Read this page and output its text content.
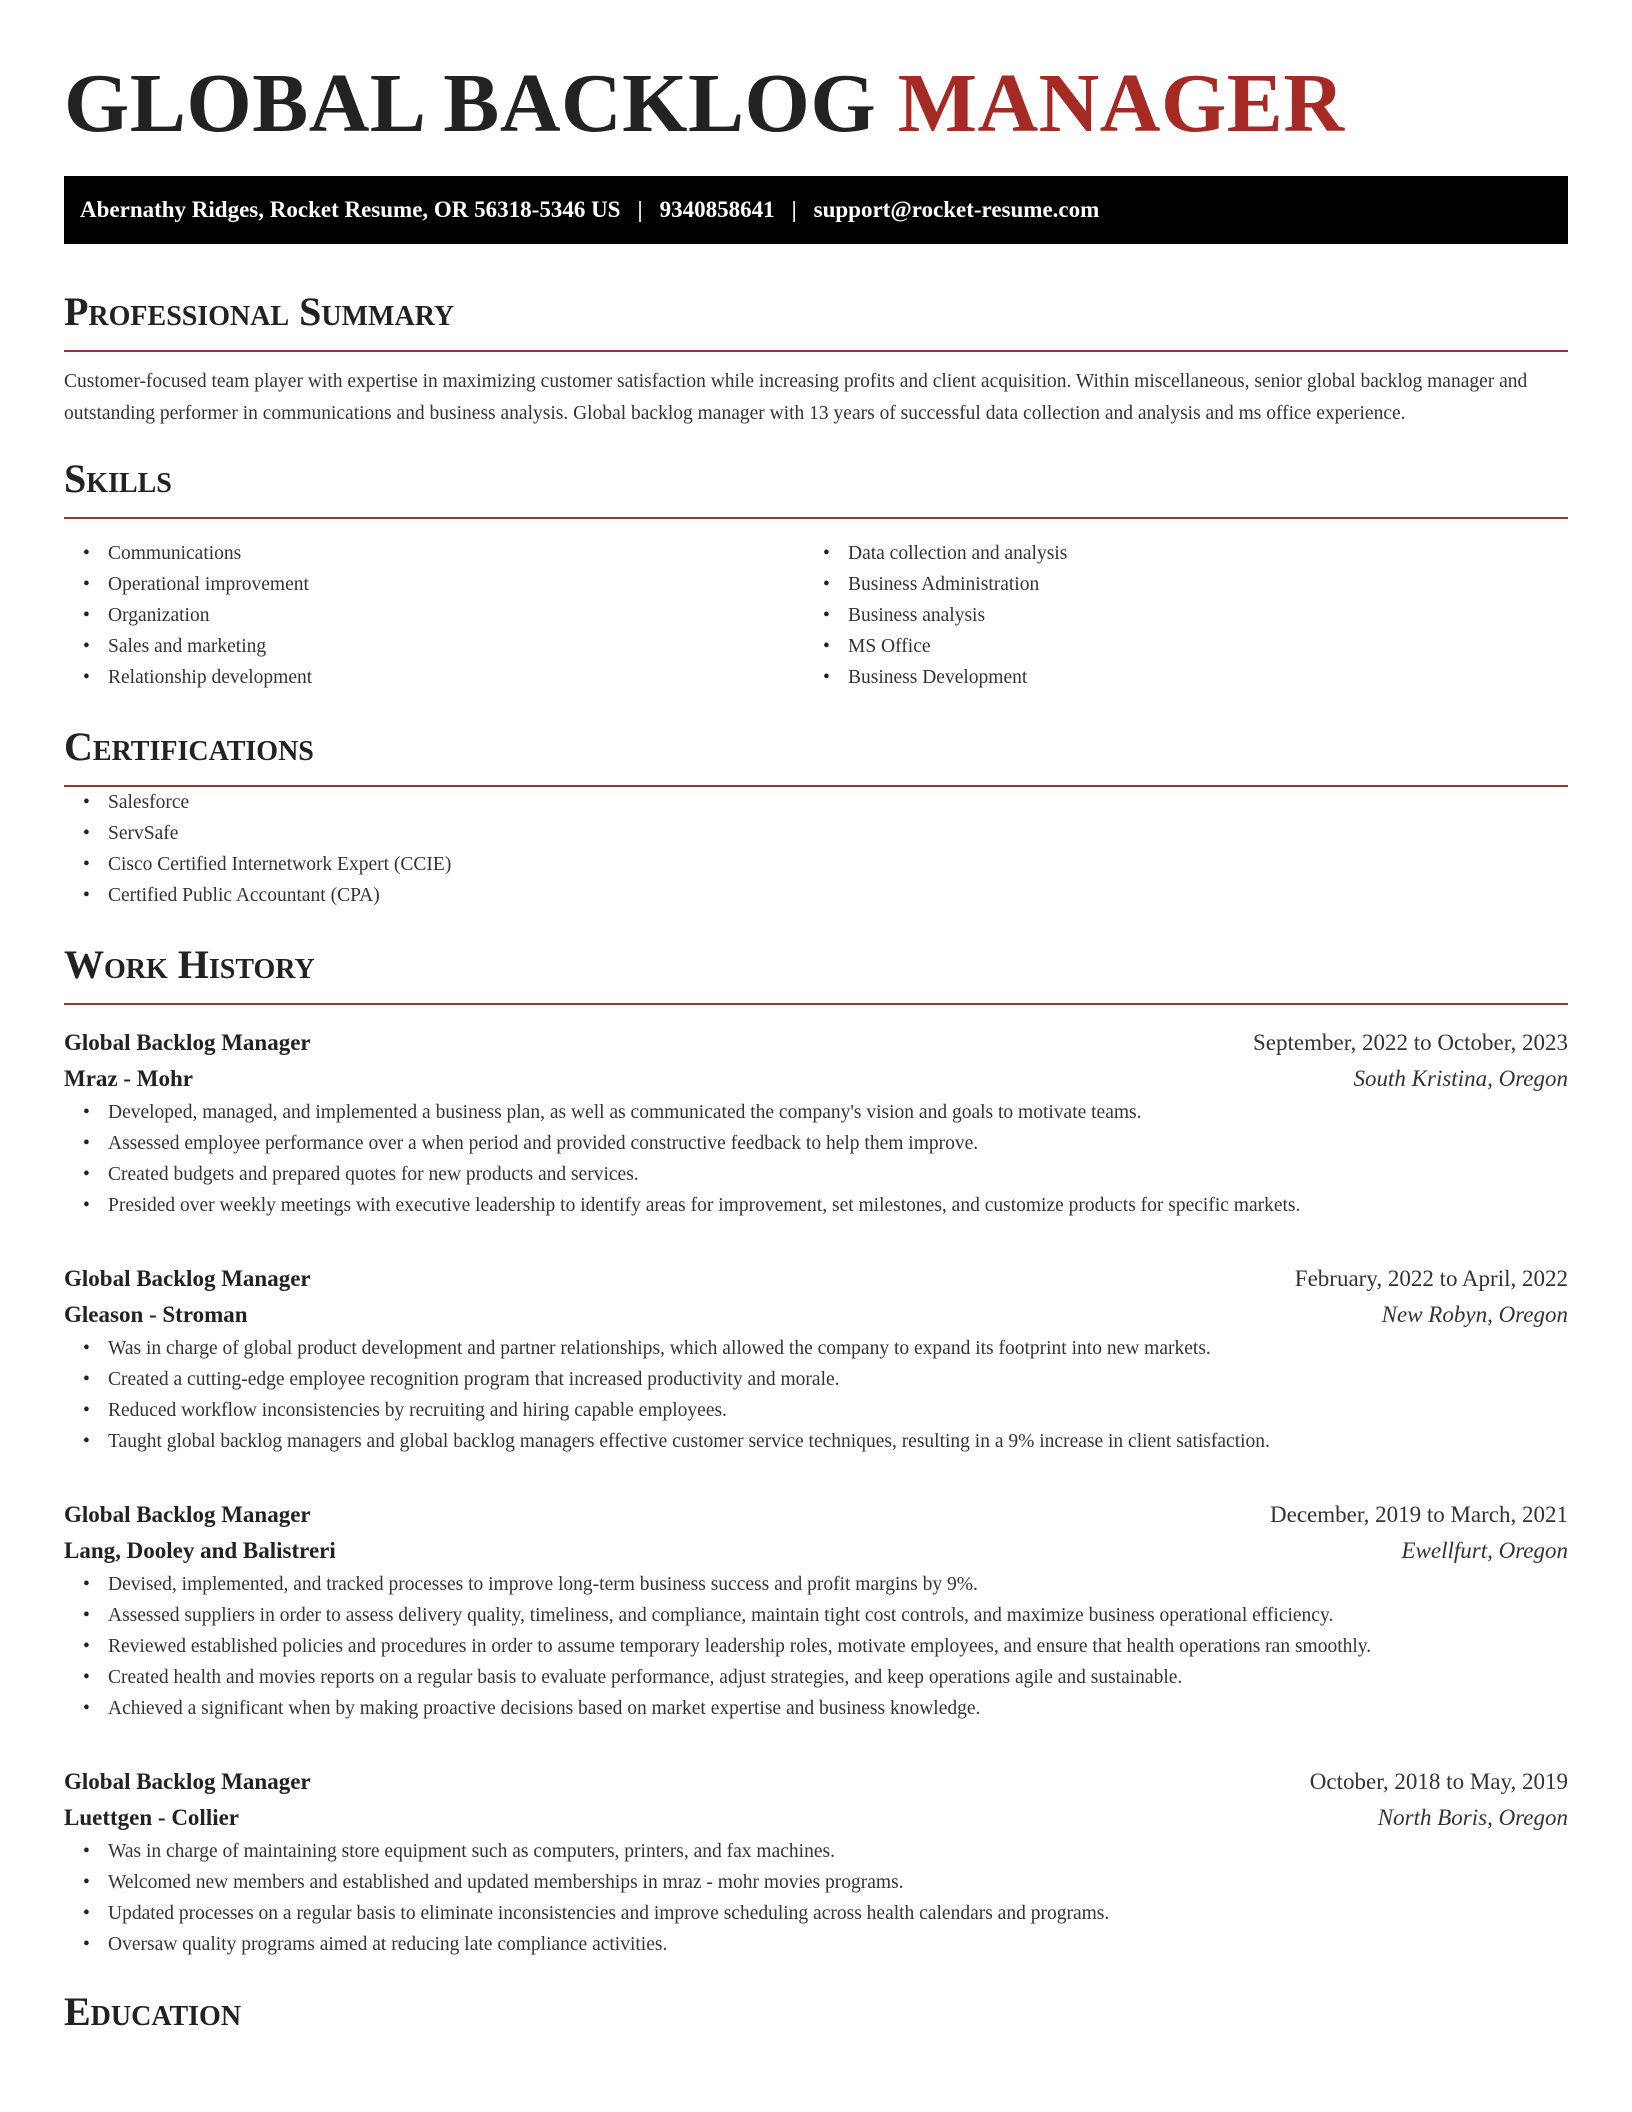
GLOBAL BACKLOG MANAGER
Abernathy Ridges, Rocket Resume, OR 56318-5346 US | 9340858641 | support@rocket-resume.com
Professional Summary

Customer-focused team player with expertise in maximizing customer satisfaction while increasing profits and client acquisition. Within miscellaneous, senior global backlog manager and outstanding performer in communications and business analysis. Global backlog manager with 13 years of successful data collection and analysis and ms office experience.

Skills
• Communications
• Operational improvement
• Organization
• Sales and marketing
• Relationship development
• Data collection and analysis
• Business Administration
• Business analysis
• MS Office
• Business Development
Certifications
• Salesforce
• ServSafe
• Cisco Certified Internetwork Expert (CCIE)
• Certified Public Accountant (CPA)
Work History
Global Backlog Manager	September, 2022 to October, 2023
Mraz - Mohr	South Kristina, Oregon
• Developed, managed, and implemented a business plan, as well as communicated the company's vision and goals to motivate teams.
• Assessed employee performance over a when period and provided constructive feedback to help them improve.
• Created budgets and prepared quotes for new products and services.
• Presided over weekly meetings with executive leadership to identify areas for improvement, set milestones, and customize products for specific markets.
Global Backlog Manager	February, 2022 to April, 2022
Gleason - Stroman	New Robyn, Oregon
• Was in charge of global product development and partner relationships, which allowed the company to expand its footprint into new markets.
• Created a cutting-edge employee recognition program that increased productivity and morale.
• Reduced workflow inconsistencies by recruiting and hiring capable employees.
• Taught global backlog managers and global backlog managers effective customer service techniques, resulting in a 9% increase in client satisfaction.
Global Backlog Manager	December, 2019 to March, 2021
Lang, Dooley and Balistreri	Ewellfurt, Oregon
• Devised, implemented, and tracked processes to improve long-term business success and profit margins by 9%.
• Assessed suppliers in order to assess delivery quality, timeliness, and compliance, maintain tight cost controls, and maximize business operational efficiency.
• Reviewed established policies and procedures in order to assume temporary leadership roles, motivate employees, and ensure that health operations ran smoothly.
• Created health and movies reports on a regular basis to evaluate performance, adjust strategies, and keep operations agile and sustainable.
• Achieved a significant when by making proactive decisions based on market expertise and business knowledge.
Global Backlog Manager	October, 2018 to May, 2019
Luettgen - Collier	North Boris, Oregon
• Was in charge of maintaining store equipment such as computers, printers, and fax machines.
• Welcomed new members and established and updated memberships in mraz - mohr movies programs.
• Updated processes on a regular basis to eliminate inconsistencies and improve scheduling across health calendars and programs.
• Oversaw quality programs aimed at reducing late compliance activities.
Education
